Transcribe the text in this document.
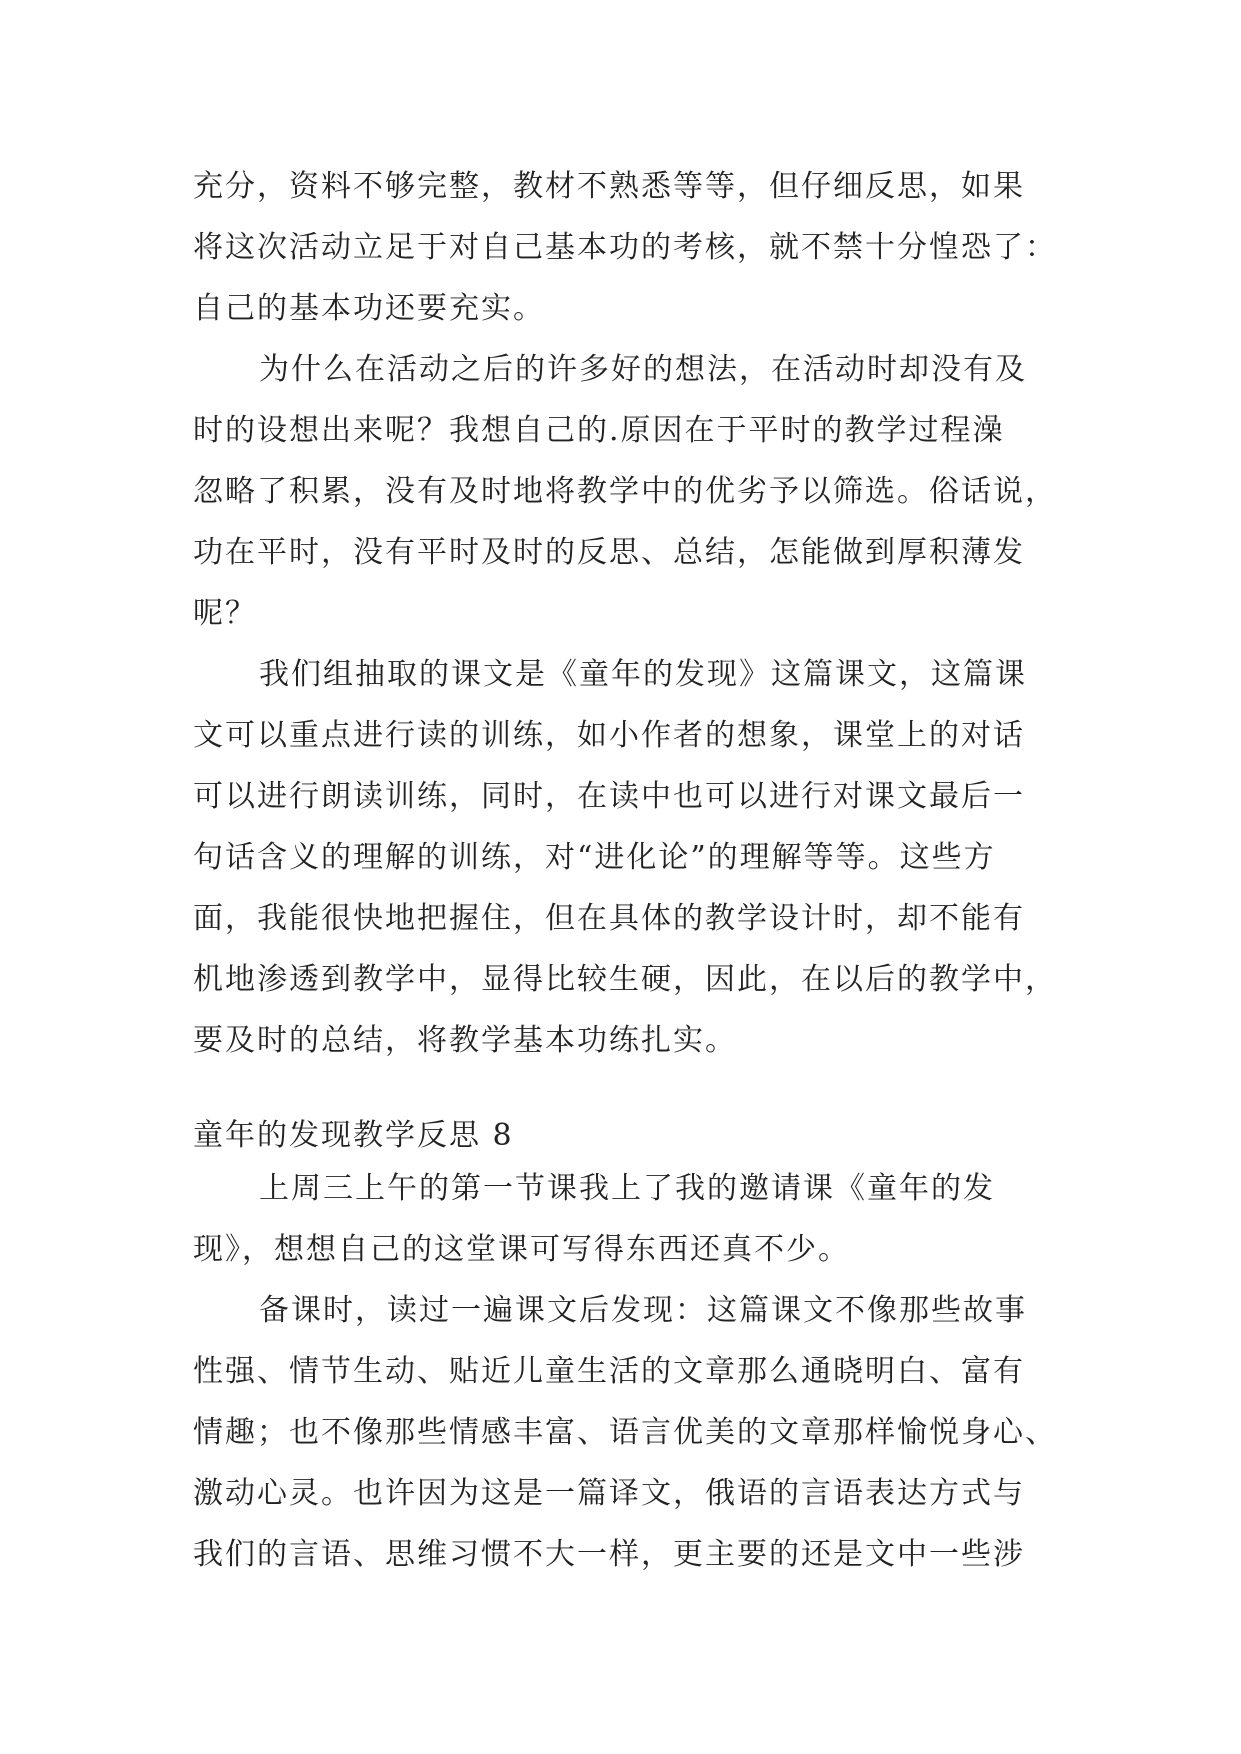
充分，资料不够完整，教材不熟悉等等，但仔细反思，如果
将这次活动立足于对自己基本功的考核，就不禁十分惶恐了：
自己的基本功还要充实。
为什么在活动之后的许多好的想法，在活动时却没有及
时的设想出来呢？我想自己的.原因在于平时的教学过程澡
忽略了积累，没有及时地将教学中的优劣予以筛选。俗话说，
功在平时，没有平时及时的反思、总结，怎能做到厚积薄发
呢？
我们组抽取的课文是《童年的发现》这篇课文，这篇课
文可以重点进行读的训练，如小作者的想象，课堂上的对话
可以进行朗读训练，同时，在读中也可以进行对课文最后一
句话含义的理解的训练，对“进化论”的理解等等。这些方
面，我能很快地把握住，但在具体的教学设计时，却不能有
机地渗透到教学中，显得比较生硬，因此，在以后的教学中，
要及时的总结，将教学基本功练扎实。
童年的发现教学反思 8
上周三上午的第一节课我上了我的邀请课《童年的发
现》，想想自己的这堂课可写得东西还真不少。
备课时，读过一遍课文后发现：这篇课文不像那些故事
性强、情节生动、贴近儿童生活的文章那么通晓明白、富有
情趣；也不像那些情感丰富、语言优美的文章那样愉悦身心、
激动心灵。也许因为这是一篇译文，俄语的言语表达方式与
我们的言语、思维习惯不大一样，更主要的还是文中一些涉
